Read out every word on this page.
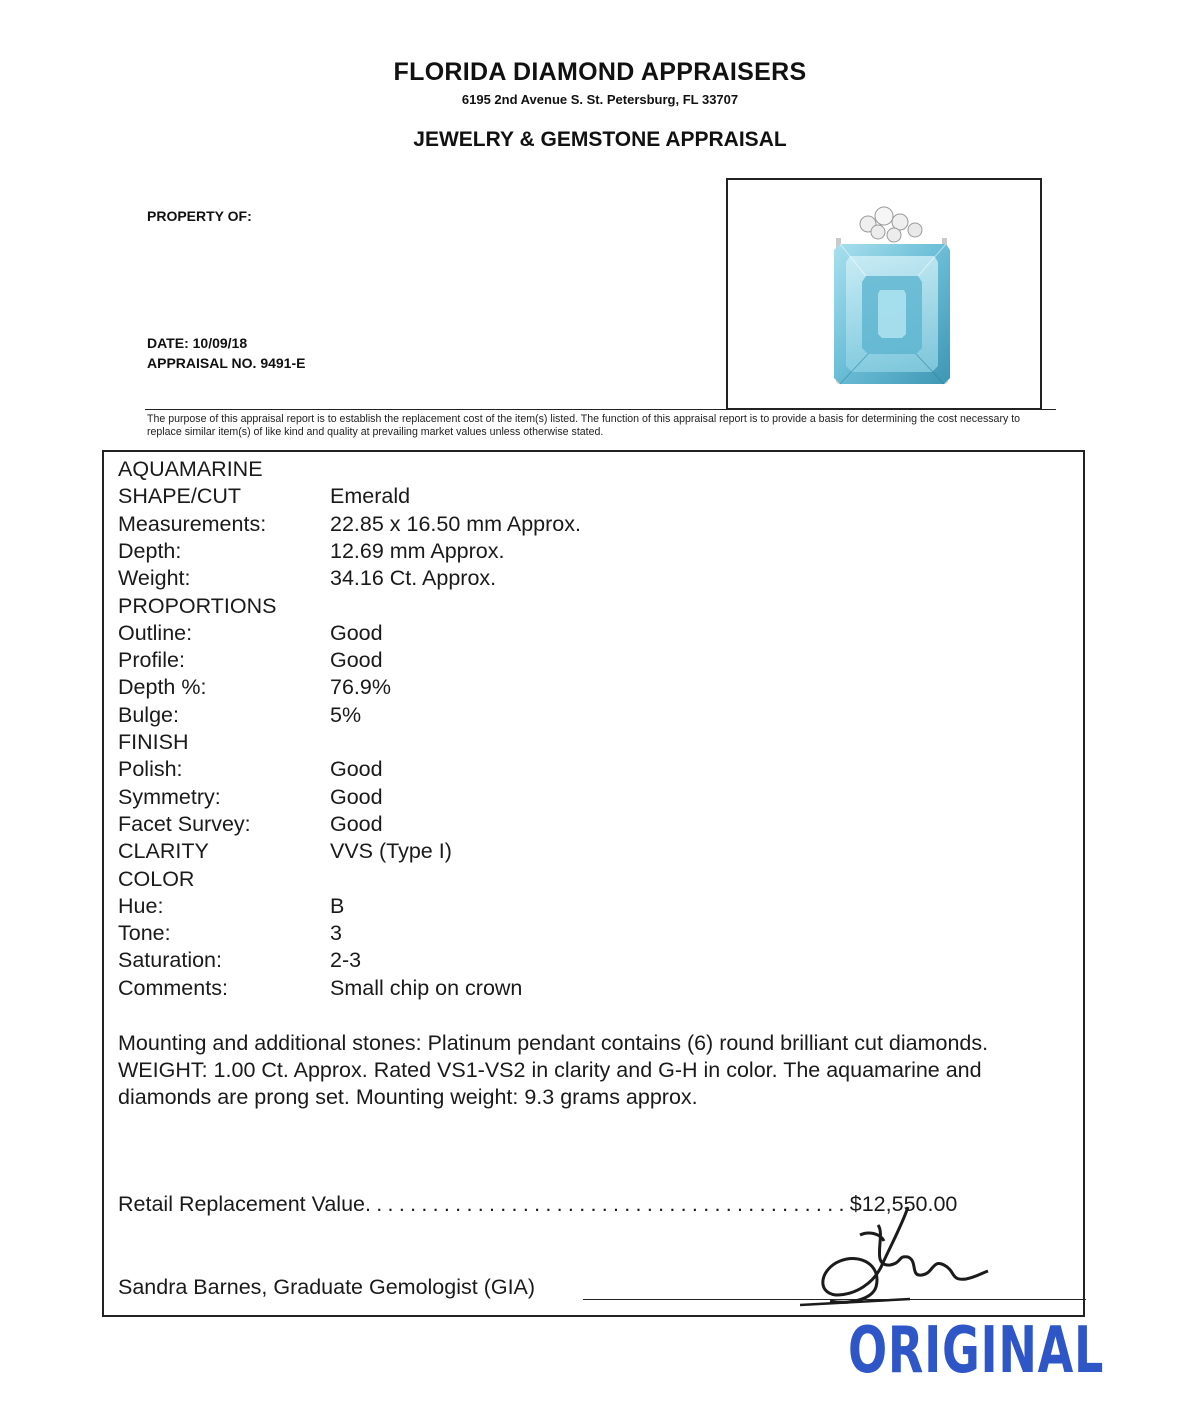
FLORIDA DIAMOND APPRAISERS
6195 2nd Avenue S. St. Petersburg, FL 33707
JEWELRY & GEMSTONE APPRAISAL
PROPERTY OF:
DATE: 10/09/18
APPRAISAL NO. 9491-E
The purpose of this appraisal report is to establish the replacement cost of the item(s) listed. The function of this appraisal report is to provide a basis for determining the cost necessary to replace similar item(s) of like kind and quality at prevailing market values unless otherwise stated.
AQUAMARINE
SHAPE/CUT	Emerald
Measurements:	22.85 x 16.50 mm Approx.
Depth:	12.69 mm Approx.
Weight:	34.16 Ct. Approx.
PROPORTIONS
Outline:	Good
Profile:	Good
Depth %:	76.9%
Bulge:	5%
FINISH
Polish:	Good
Symmetry:	Good
Facet Survey:	Good
CLARITY	VVS (Type I)
COLOR
Hue:	B
Tone:	3
Saturation:	2-3
Comments:	Small chip on crown
Mounting and additional stones: Platinum pendant contains (6) round brilliant cut diamonds. WEIGHT: 1.00 Ct. Approx. Rated VS1-VS2 in clarity and G-H in color. The aquamarine and diamonds are prong set. Mounting weight: 9.3 grams approx.
Retail Replacement Value...........................................$12,550.00
Sandra Barnes, Graduate Gemologist (GIA)
ORIGINAL
